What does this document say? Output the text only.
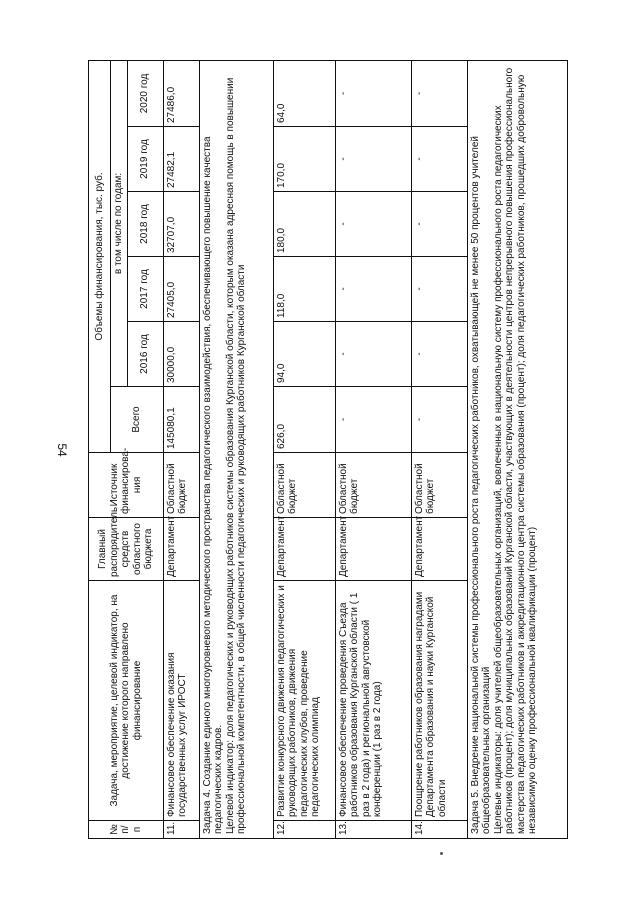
54
№ п/п	Задача, мероприятие, целевой индикатор, на достижение которого направлено финансирование	Главный распорядитель средств областного бюджета	Источник финансирова-ния	Объемы финансирования, тыс. руб.					
				Всего	в том числе по годам:				
					2016 год	2017 год	2018 год	2019 год	2020 год
11.	Финансовое обеспечение оказания государственных услуг ИРОСТ	Департамент	Областной бюджет	145080,1	30000,0	27405,0	32707,0	27482,1	27486,0
Задача 4. Создание единого многоуровневого методического пространства педагогического взаимодействия, обеспечивающего повышение качества педагогических кадров.
Целевой индикатор: доля педагогических и руководящих работников системы образования Курганской области, которым оказана адресная помощь в повышении профессиональной компетентности, в общей численности педагогических и руководящих работников Курганской области									
12.	Развитие конкурсного движения педагогических и руководящих работников, движения педагогических клубов, проведение педагогических олимпиад	Департамент	Областной бюджет	626,0	94,0	118,0	180,0	170,0	64,0
13.	Финансовое обеспечение проведения Съезда работников образования Курганской области ( 1 раз в 2 года) и региональной августовской конференции (1 раз в 2 года)	Департамент	Областной бюджет	-	-	-	-	-	-
14.	Поощрение работников образования наградами Департамента образования и науки Курганской области	Департамент	Областной бюджет	-	-	-	-	-	-
Задача 5. Внедрение национальной системы профессионального роста педагогических работников, охватывающей не менее 50 процентов учителей общеобразовательных организаций
Целевые индикаторы: доля учителей общеобразовательных организаций, вовлеченных в национальную систему профессионального роста педагогических работников (процент); доля муниципальных образований Курганской области, участвующих в деятельности центров непрерывного повышения профессионального мастерства педагогических работников и аккредитационного центра системы образования (процент); доля педагогических работников, прошедших добровольную независимую оценку профессиональной квалификации (процент)									
